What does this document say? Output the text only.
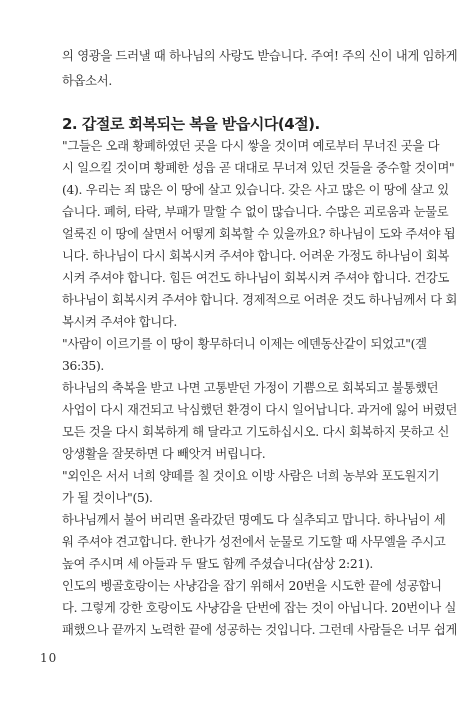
의 영광을 드러낼 때 하나님의 사랑도 받습니다. 주여! 주의 신이 내게 임하게
하옵소서.
2. 갑절로 회복되는 복을 받읍시다(4절).
"그들은 오래 황폐하였던 곳을 다시 쌓을 것이며 예로부터 무너진 곳을 다
시 일으킬 것이며 황폐한 성읍 곧 대대로 무너져 있던 것들을 중수할 것이며"
(4). 우리는 죄 많은 이 땅에 살고 있습니다. 갖은 사고 많은 이 땅에 살고 있
습니다. 폐허, 타락, 부패가 말할 수 없이 많습니다. 수많은 괴로움과 눈물로
얼룩진 이 땅에 살면서 어떻게 회복할 수 있을까요? 하나님이 도와 주셔야 됩
니다. 하나님이 다시 회복시켜 주셔야 합니다. 어려운 가정도 하나님이 회복
시켜 주셔야 합니다. 힘든 여건도 하나님이 회복시켜 주셔야 합니다. 건강도
하나님이 회복시켜 주셔야 합니다. 경제적으로 어려운 것도 하나님께서 다 회
복시켜 주셔야 합니다.
"사람이 이르기를 이 땅이 황무하더니 이제는 에덴동산같이 되었고"(겔
36:35).
하나님의 축복을 받고 나면 고통받던 가정이 기쁨으로 회복되고 불통했던
사업이 다시 재건되고 낙심했던 환경이 다시 일어납니다. 과거에 잃어 버렸던
모든 것을 다시 회복하게 해 달라고 기도하십시오. 다시 회복하지 못하고 신
앙생활을 잘못하면 다 빼앗겨 버립니다.
"외인은 서서 너희 양떼를 칠 것이요 이방 사람은 너희 농부와 포도원지기
가 될 것이나"(5).
하나님께서 불어 버리면 올라갔던 명예도 다 실추되고 맙니다. 하나님이 세
워 주셔야 견고합니다. 한나가 성전에서 눈물로 기도할 때 사무엘을 주시고
높여 주시며 세 아들과 두 딸도 함께 주셨습니다(삼상 2:21).
인도의 벵골호랑이는 사냥감을 잡기 위해서 20번을 시도한 끝에 성공합니
다. 그렇게 강한 호랑이도 사냥감을 단번에 잡는 것이 아닙니다. 20번이나 실
패했으나 끝까지 노력한 끝에 성공하는 것입니다. 그런데 사람들은 너무 쉽게
10
